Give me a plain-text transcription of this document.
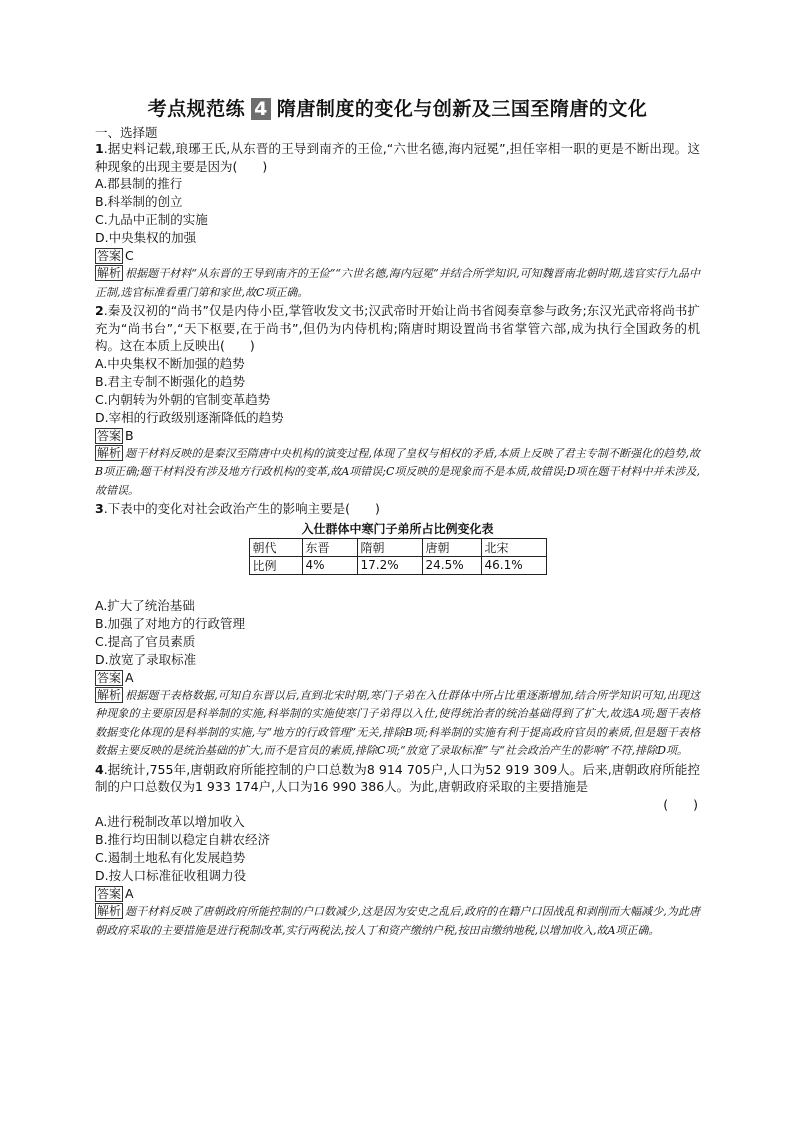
考点规范练 4 隋唐制度的变化与创新及三国至隋唐的文化
一、选择题
1.据史料记载,琅琊王氏,从东晋的王导到南齐的王俭,“六世名德,海内冠冕”,担任宰相一职的更是不断出现。这种现象的出现主要是因为(　　)
A.郡县制的推行
B.科举制的创立
C.九品中正制的实施
D.中央集权的加强
答案 C
解析 根据题干材料“从东晋的王导到南齐的王俭”“六世名德,海内冠冕”并结合所学知识,可知魏晋南北朝时期,选官实行九品中正制,选官标准看重门第和家世,故C项正确。
2.秦及汉初的“尚书”仅是内侍小臣,掌管收发文书;汉武帝时开始让尚书省阅奏章参与政务;东汉光武帝将尚书扩充为“尚书台”,“天下枢要,在于尚书”,但仍为内侍机构;隋唐时期设置尚书省掌管六部,成为执行全国政务的机构。这在本质上反映出(　　)
A.中央集权不断加强的趋势
B.君主专制不断强化的趋势
C.内朝转为外朝的官制变革趋势
D.宰相的行政级别逐渐降低的趋势
答案 B
解析 题干材料反映的是秦汉至隋唐中央机构的演变过程,体现了皇权与相权的矛盾,本质上反映了君主专制不断强化的趋势,故B项正确;题干材料没有涉及地方行政机构的变革,故A项错误;C项反映的是现象而不是本质,故错误;D项在题干材料中并未涉及,故错误。
3.下表中的变化对社会政治产生的影响主要是(　　)
入仕群体中寒门子弟所占比例变化表
朝代	东晋	隋朝	唐朝	北宋
比例	4%	17.2%	24.5%	46.1%
A.扩大了统治基础
B.加强了对地方的行政管理
C.提高了官员素质
D.放宽了录取标准
答案 A
解析 根据题干表格数据,可知自东晋以后,直到北宋时期,寒门子弟在入仕群体中所占比重逐渐增加,结合所学知识可知,出现这种现象的主要原因是科举制的实施,科举制的实施使寒门子弟得以入仕,使得统治者的统治基础得到了扩大,故选A项;题干表格数据变化体现的是科举制的实施,与“地方的行政管理”无关,排除B项;科举制的实施有利于提高政府官员的素质,但是题干表格数据主要反映的是统治基础的扩大,而不是官员的素质,排除C项;“放宽了录取标准”与“社会政治产生的影响”不符,排除D项。
4.据统计,755年,唐朝政府所能控制的户口总数为8 914 705户,人口为52 919 309人。后来,唐朝政府所能控制的户口总数仅为1 933 174户,人口为16 990 386人。为此,唐朝政府采取的主要措施是
(　　)
A.进行税制改革以增加收入
B.推行均田制以稳定自耕农经济
C.遏制土地私有化发展趋势
D.按人口标准征收租调力役
答案 A
解析 题干材料反映了唐朝政府所能控制的户口数减少,这是因为安史之乱后,政府的在籍户口因战乱和剥削而大幅减少,为此唐朝政府采取的主要措施是进行税制改革,实行两税法,按人丁和资产缴纳户税,按田亩缴纳地税,以增加收入,故A项正确。
